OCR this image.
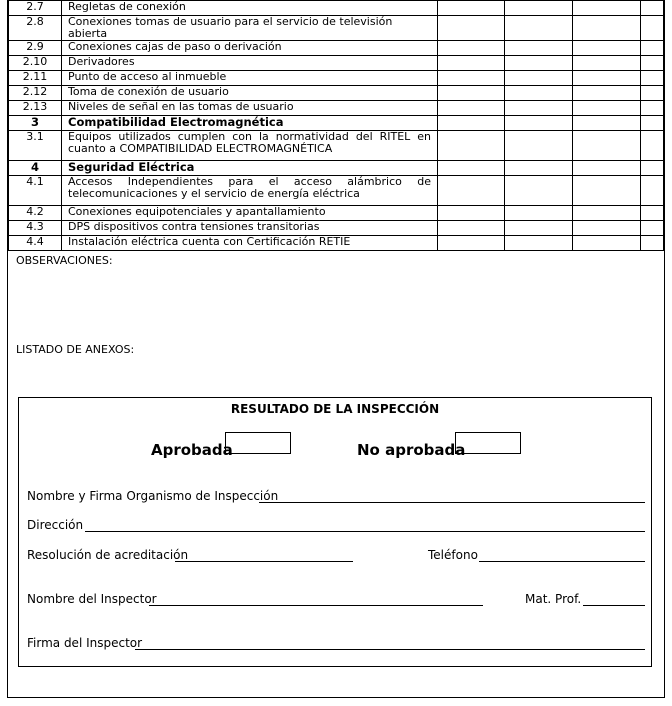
2.7	Regletas de conexión				
2.8	Conexiones tomas de usuario para el servicio de televisión abierta				
2.9	Conexiones cajas de paso o derivación				
2.10	Derivadores				
2.11	Punto de acceso al inmueble				
2.12	Toma de conexión de usuario				
2.13	Niveles de señal en las tomas de usuario				
3	Compatibilidad Electromagnética				
3.1	Equipos utilizados cumplen con la normatividad del RITEL en
cuanto a COMPATIBILIDAD ELECTROMAGNÉTICA				

4	Seguridad Eléctrica				
4.1	Accesos Independientes para el acceso alámbrico de
telecomunicaciones y el servicio de energía eléctrica				

4.2	Conexiones equipotenciales y apantallamiento				
4.3	DPS dispositivos contra tensiones transitorias				
4.4	Instalación eléctrica cuenta con Certificación RETIE				
OBSERVACIONES:
LISTADO DE ANEXOS:
RESULTADO DE LA INSPECCIÓN
Aprobada	No aprobada
Nombre y Firma Organismo de Inspección
Dirección
Resolución de acreditación	Teléfono
Nombre del Inspector	Mat. Prof.
Firma del Inspector
